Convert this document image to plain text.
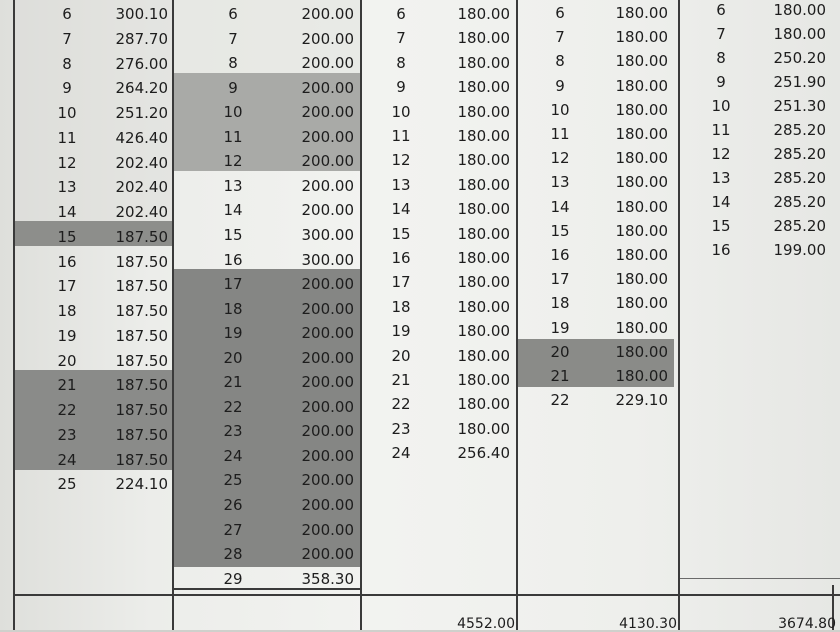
6	300.10
7	287.70
8	276.00
9	264.20
10	251.20
11	426.40
12	202.40
13	202.40
14	202.40
15	187.50
16	187.50
17	187.50
18	187.50
19	187.50
20	187.50
21	187.50
22	187.50
23	187.50
24	187.50
25	224.10
6	200.00
7	200.00
8	200.00
9	200.00
10	200.00
11	200.00
12	200.00
13	200.00
14	200.00
15	300.00
16	300.00
17	200.00
18	200.00
19	200.00
20	200.00
21	200.00
22	200.00
23	200.00
24	200.00
25	200.00
26	200.00
27	200.00
28	200.00
29	358.30
6	180.00
7	180.00
8	180.00
9	180.00
10	180.00
11	180.00
12	180.00
13	180.00
14	180.00
15	180.00
16	180.00
17	180.00
18	180.00
19	180.00
20	180.00
21	180.00
22	180.00
23	180.00
24	256.40
4552.00
6	180.00
7	180.00
8	180.00
9	180.00
10	180.00
11	180.00
12	180.00
13	180.00
14	180.00
15	180.00
16	180.00
17	180.00
18	180.00
19	180.00
20	180.00
21	180.00
22	229.10
4130.30
6	180.00
7	180.00
8	250.20
9	251.90
10	251.30
11	285.20
12	285.20
13	285.20
14	285.20
15	285.20
16	199.00
3674.80
